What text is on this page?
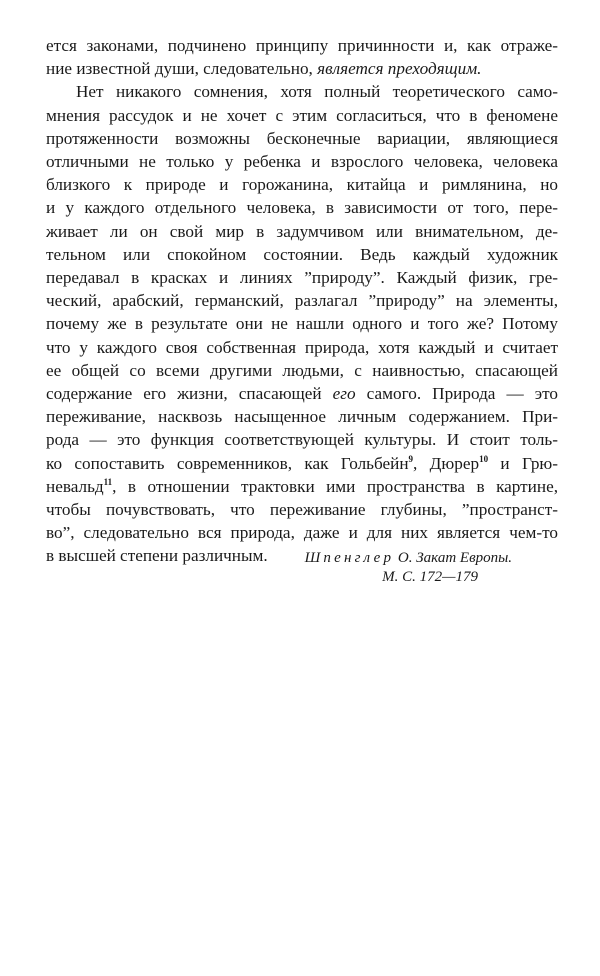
ется законами, подчинено принципу причинности и, как отраже-
ние известной души, следовательно, является преходящим.
Нет никакого сомнения, хотя полный теоретического само-
мнения рассудок и не хочет с этим согласиться, что в феномене
протяженности возможны бесконечные вариации, являющиеся
отличными не только у ребенка и взрослого человека, человека
близкого к природе и горожанина, китайца и римлянина, но
и у каждого отдельного человека, в зависимости от того, пере-
живает ли он свой мир в задумчивом или внимательном, де-
тельном или спокойном состоянии. Ведь каждый художник
передавал в красках и линиях ”природу”. Каждый физик, гре-
ческий, арабский, германский, разлагал ”природу” на элементы,
почему же в результате они не нашли одного и того же? Потому
что у каждого своя собственная природа, хотя каждый и считает
ее общей со всеми другими людьми, с наивностью, спасающей
содержание его жизни, спасающей его самого. Природа — это
переживание, насквозь насыщенное личным содержанием. При-
рода — это функция соответствующей культуры. И стоит толь-
ко сопоставить современников, как Гольбейн$^9$, Дюрер$^{10}$ и Грю-
невальд$^{11}$, в отношении трактовки ими пространства в картине,
чтобы почувствовать, что переживание глубины, ”пространст-
во”, следовательно вся природа, даже и для них является чем-то
в высшей степени различным.	Шпенглер О. Закат Европы.
М. С. 172—179
